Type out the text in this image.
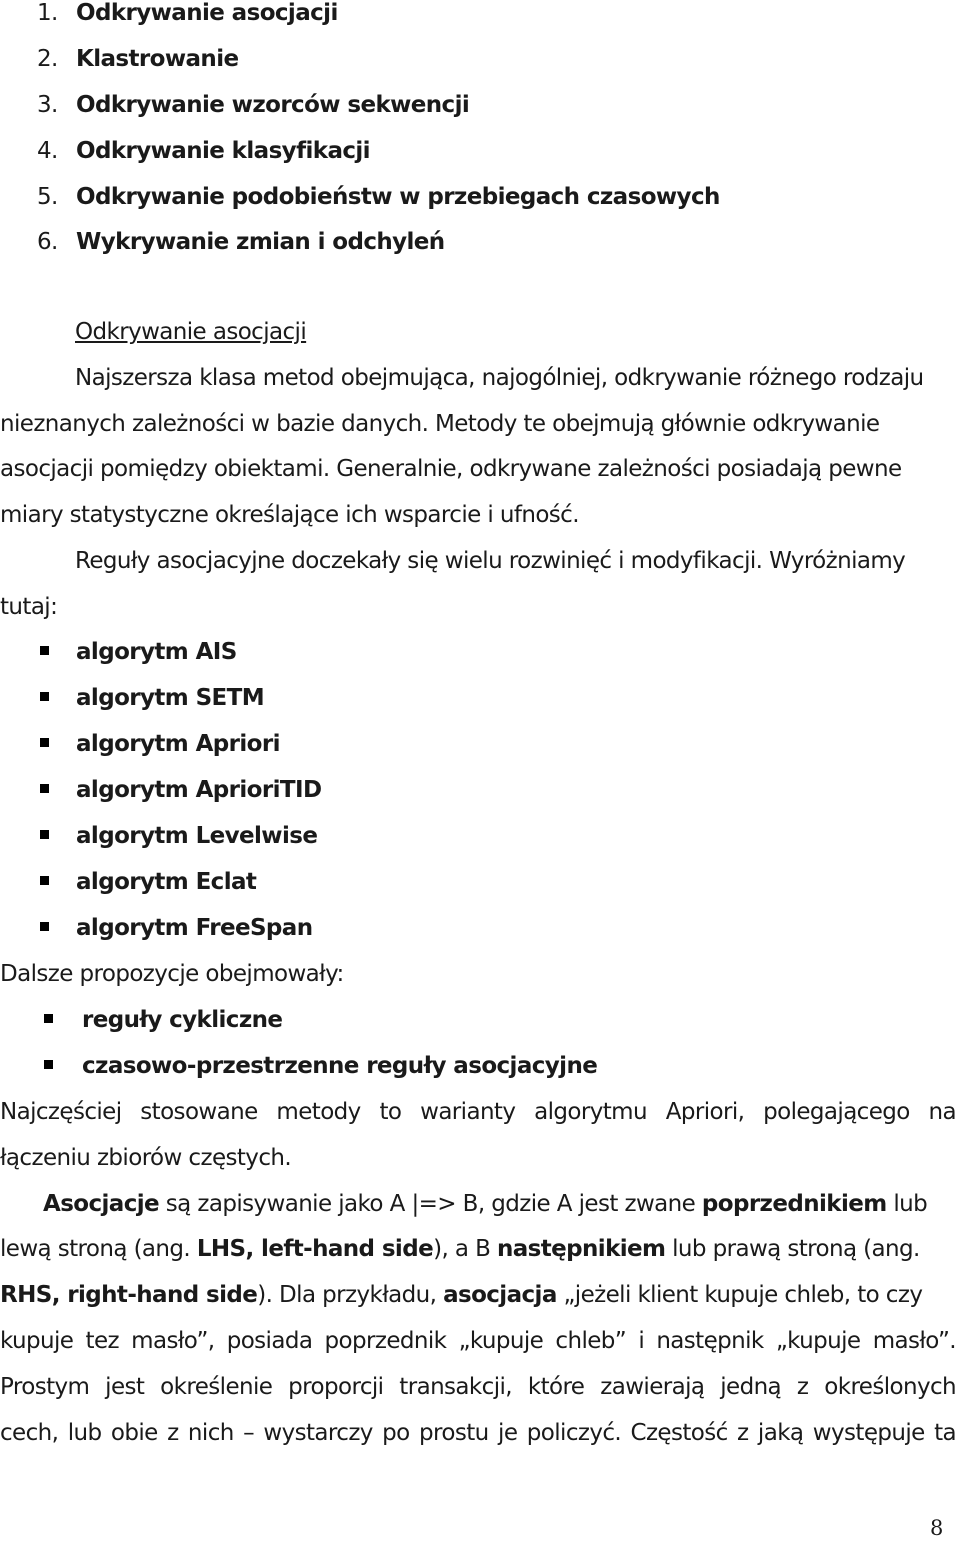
1. Odkrywanie asocjacji
2. Klastrowanie
3. Odkrywanie wzorców sekwencji
4. Odkrywanie klasyfikacji
5. Odkrywanie podobieństw w przebiegach czasowych
6. Wykrywanie zmian i odchyleń
Odkrywanie asocjacji
Najszersza klasa metod obejmująca, najogólniej, odkrywanie różnego rodzaju
nieznanych zależności w bazie danych. Metody te obejmują głównie odkrywanie
asocjacji pomiędzy obiektami. Generalnie, odkrywane zależności posiadają pewne
miary statystyczne określające ich wsparcie i ufność.
Reguły asocjacyjne doczekały się wielu rozwinięć i modyfikacji. Wyróżniamy
tutaj:
algorytm AIS
algorytm SETM
algorytm Apriori
algorytm AprioriTID
algorytm Levelwise
algorytm Eclat
algorytm FreeSpan
Dalsze propozycje obejmowały:
reguły cykliczne
czasowo-przestrzenne reguły asocjacyjne
Najczęściej stosowane metody to warianty algorytmu Apriori, polegającego na
łączeniu zbiorów częstych.
Asocjacje są zapisywanie jako A |=> B, gdzie A jest zwane poprzednikiem lub
lewą stroną (ang. LHS, left-hand side), a B następnikiem lub prawą stroną (ang.
RHS, right-hand side). Dla przykładu, asocjacja „jeżeli klient kupuje chleb, to czy
kupuje tez masło”, posiada poprzednik „kupuje chleb” i następnik „kupuje masło”.
Prostym jest określenie proporcji transakcji, które zawierają jedną z określonych
cech, lub obie z nich – wystarczy po prostu je policzyć. Częstość z jaką występuje ta
8
